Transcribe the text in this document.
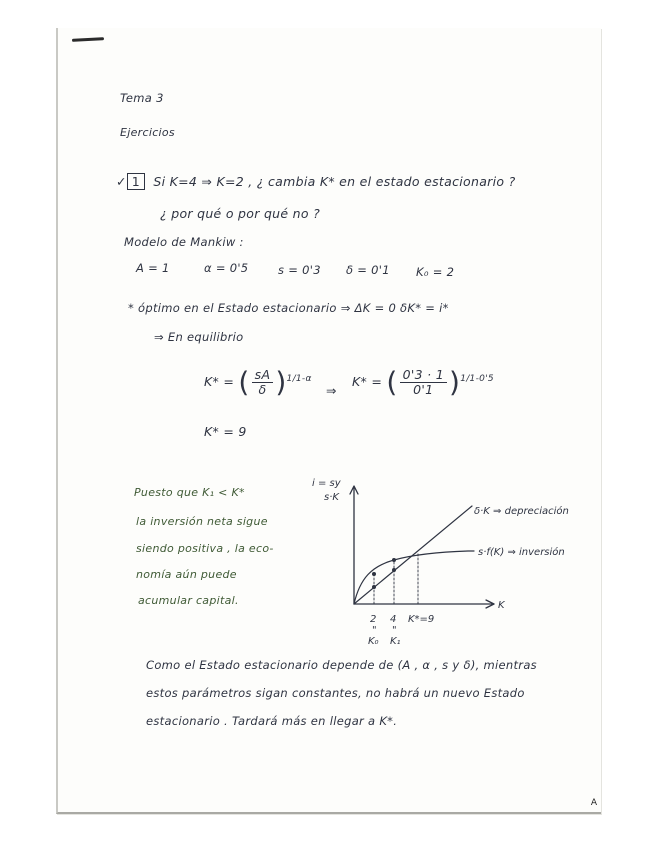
Tema 3
Ejercicios
✓ 1 Si K=4 ⇒ K=2 , ¿ cambia K* en el estado estacionario ?
¿ por qué o por qué no ?
Modelo de Mankiw :
A = 1	α = 0'5	s = 0'3 δ = 0'1 K₀ = 2
* óptimo en el Estado estacionario ⇒ ΔK = 0 δK* = i*
⇒ En equilibrio
K* = ( $\frac{sA}{\delta} )^{1/1-\alpha}$
⇒
K* = ( $\frac{0'3 \cdot 1}{0'1} )^{1/1-0'5}$
K* = 9
Puesto que K₁ < K*
la inversión neta sigue
siendo positiva , la eco-
nomía aún puede
acumular capital.
i = sy
s·K
K
δ·K ⇒ depreciación
s·f(K) ⇒ inversión
2 4 K*=9
" "
K₀ K₁
Como el Estado estacionario depende de (A , α , s y δ), mientras
estos parámetros sigan constantes, no habrá un nuevo Estado
estacionario . Tardará más en llegar a K*.
A
